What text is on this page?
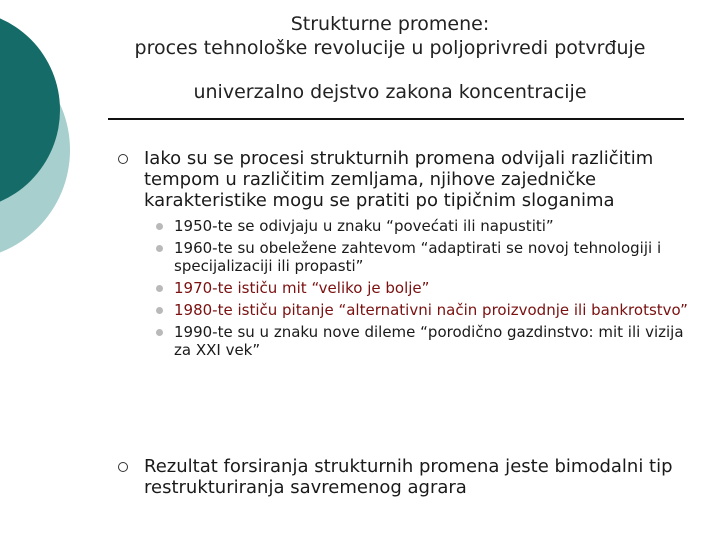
Strukturne promene:
proces tehnološke revolucije u poljoprivredi potvrđuje
univerzalno dejstvo zakona koncentracije
Iako su se procesi strukturnih promena odvijali različitim tempom u različitim zemljama, njihove zajedničke karakteristike mogu se pratiti po tipičnim sloganima
1950-te se odivjaju u znaku “povećati ili napustiti”
1960-te su obeležene zahtevom “adaptirati se novoj tehnologiji i specijalizaciji ili propasti”
1970-te ističu mit “veliko je bolje”
1980-te ističu pitanje “alternativni način proizvodnje ili bankrotstvo”
1990-te su u znaku nove dileme “porodično gazdinstvo: mit ili vizija za XXI vek”
Rezultat forsiranja strukturnih promena jeste bimodalni tip restrukturiranja savremenog agrara
